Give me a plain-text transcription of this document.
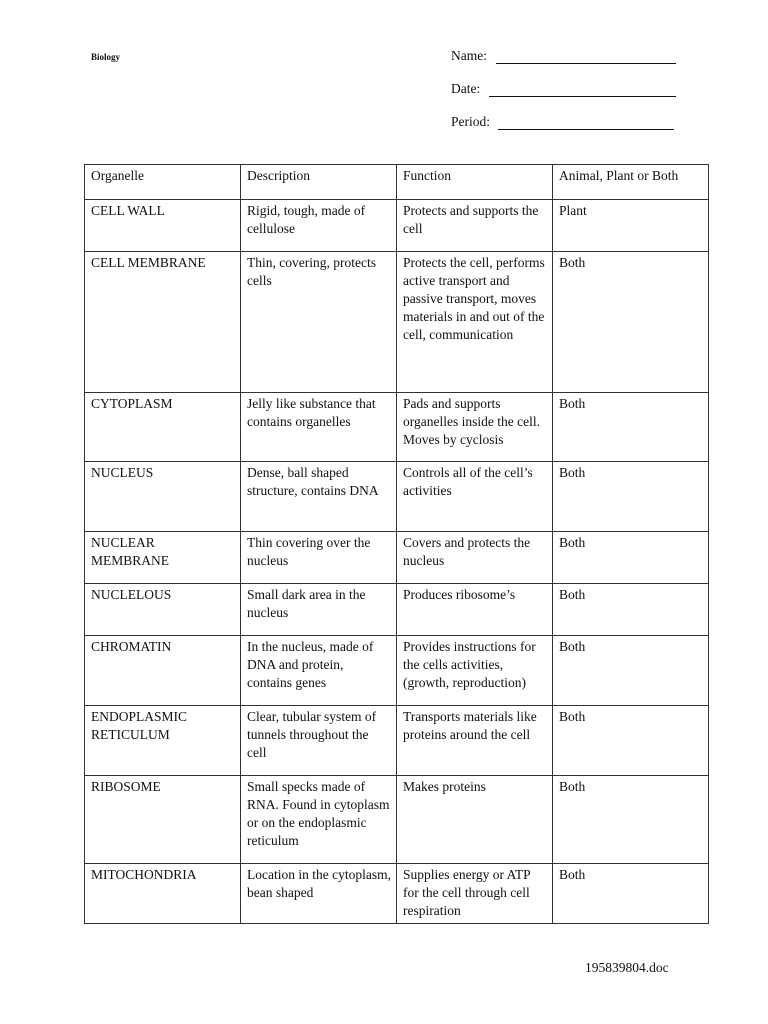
Biology	Name:
Date:
Period:
Organelle	Description	Function	Animal, Plant or Both
CELL WALL	Rigid, tough, made of cellulose	Protects and supports the cell	Plant
CELL MEMBRANE	Thin, covering, protects cells	Protects the cell, performs active transport and passive transport, moves materials in and out of the cell, communication	Both
CYTOPLASM	Jelly like substance that contains organelles	Pads and supports organelles inside the cell. Moves by cyclosis	Both
NUCLEUS	Dense, ball shaped structure, contains DNA	Controls all of the cell’s activities	Both
NUCLEAR MEMBRANE	Thin covering over the nucleus	Covers and protects the nucleus	Both
NUCLELOUS	Small dark area in the nucleus	Produces ribosome’s	Both
CHROMATIN	In the nucleus, made of DNA and protein, contains genes	Provides instructions for the cells activities, (growth, reproduction)	Both
ENDOPLASMIC RETICULUM	Clear, tubular system of tunnels throughout the cell	Transports materials like proteins around the cell	Both
RIBOSOME	Small specks made of RNA. Found in cytoplasm or on the endoplasmic reticulum	Makes proteins	Both
MITOCHONDRIA	Location in the cytoplasm, bean shaped	Supplies energy or ATP for the cell through cell respiration	Both
195839804.doc
